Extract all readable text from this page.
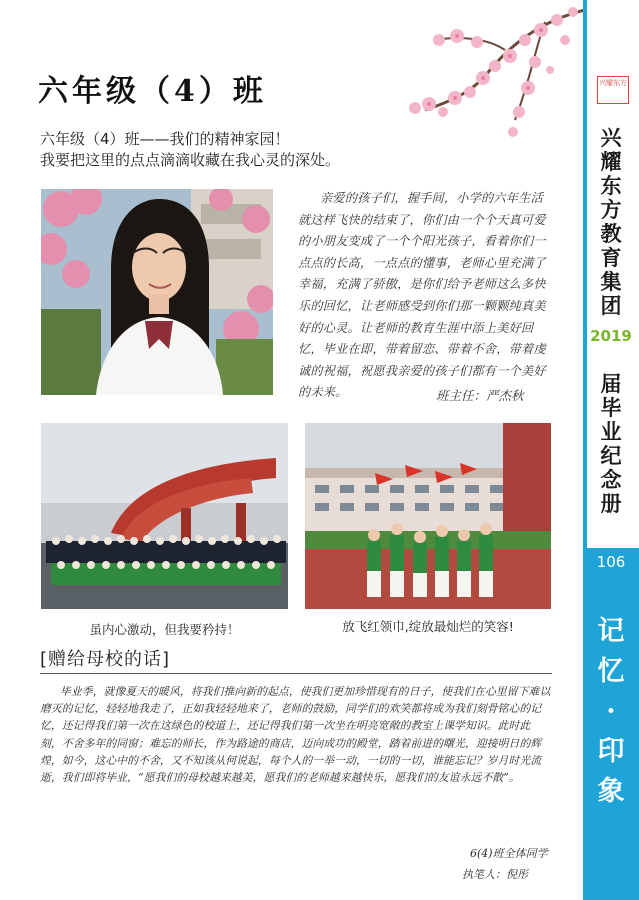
兴耀东方
兴
耀
东
方
教
育
集
团
2019
届
毕
业
纪
念
册
106
记
忆
·
印
象
六年级（4）班
六年级（4）班——我们的精神家园！
我要把这里的点点滴滴收藏在我心灵的深处。
亲爱的孩子们，握手间，小学的六年生活就这样飞快的结束了，你们由一个个天真可爱的小朋友变成了一个个阳光孩子，看着你们一点点的长高，一点点的懂事，老师心里充满了幸福，充满了骄傲，是你们给予老师这么多快乐的回忆，让老师感受到你们那一颗颗纯真美好的心灵。让老师的教育生涯中添上美好回忆，毕业在即，带着留恋、带着不舍，带着虔诚的祝福，祝愿我亲爱的孩子们都有一个美好的未来。	班主任：严杰秋
虽内心激动，但我要矜持！	放飞红领巾,绽放最灿烂的笑容!
[赠给母校的话]
毕业季，就像夏天的暖风，将我们推向新的起点，使我们更加珍惜现有的日子，使我们在心里留下难以磨灭的记忆，轻轻地我走了，正如我轻轻地来了，老师的鼓励，同学们的欢笑都将成为我们刻骨铭心的记忆，还记得我们第一次在这绿色的校道上，还记得我们第一次坐在明亮宽敞的教室上课学知识。此时此刻，不舍多年的同窗；难忘的师长，作为路途的商店，迈向成功的殿堂，踏着前进的曙光，迎接明日的辉煌，如今，这心中的不舍，又不知该从何说起，每个人的一举一动，一切的一切，谁能忘记？岁月时光流逝，我们即将毕业，“愿我们的母校越来越美，愿我们的老师越来越快乐，愿我们的友谊永远不散”。
6(4)班全体同学
执笔人：倪彤
